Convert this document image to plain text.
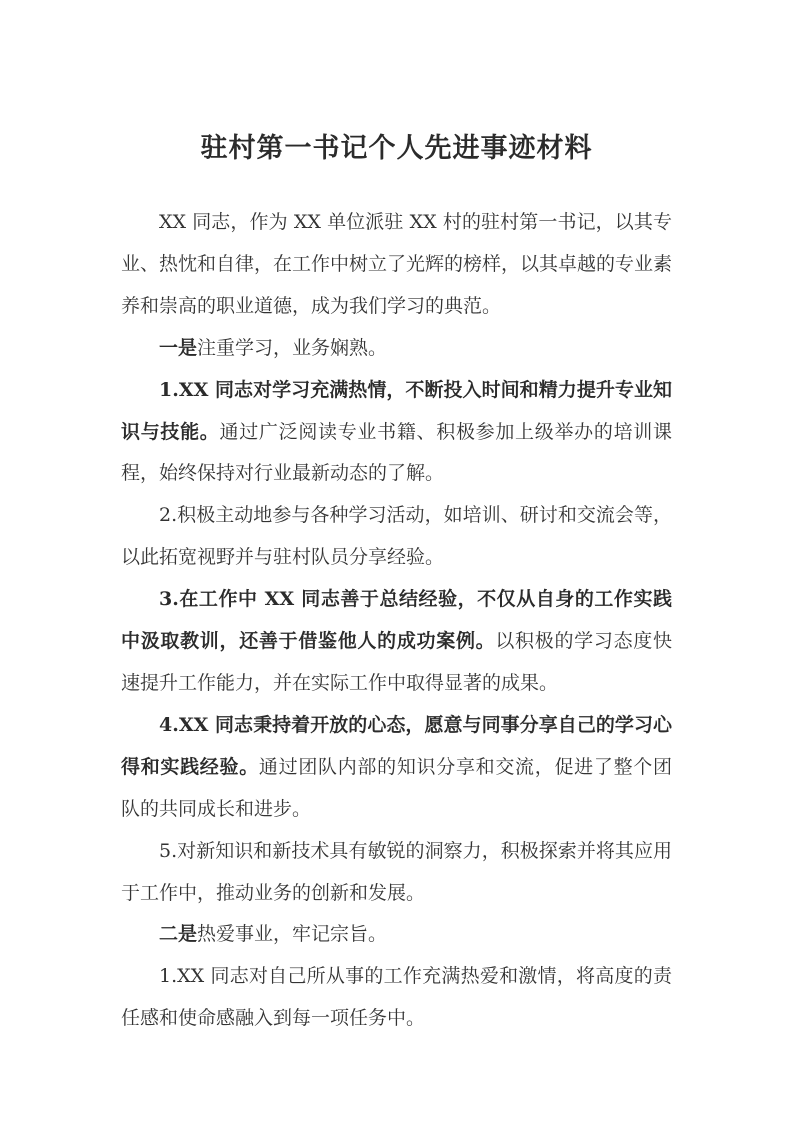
驻村第一书记个人先进事迹材料

XX 同志，作为 XX 单位派驻 XX 村的驻村第一书记，以其专业、热忱和自律，在工作中树立了光辉的榜样，以其卓越的专业素养和崇高的职业道德，成为我们学习的典范。

一是注重学习，业务娴熟。

1.XX 同志对学习充满热情，不断投入时间和精力提升专业知识与技能。通过广泛阅读专业书籍、积极参加上级举办的培训课程，始终保持对行业最新动态的了解。

2.积极主动地参与各种学习活动，如培训、研讨和交流会等，以此拓宽视野并与驻村队员分享经验。

3.在工作中 XX 同志善于总结经验，不仅从自身的工作实践中汲取教训，还善于借鉴他人的成功案例。以积极的学习态度快速提升工作能力，并在实际工作中取得显著的成果。

4.XX 同志秉持着开放的心态，愿意与同事分享自己的学习心得和实践经验。通过团队内部的知识分享和交流，促进了整个团队的共同成长和进步。

5.对新知识和新技术具有敏锐的洞察力，积极探索并将其应用于工作中，推动业务的创新和发展。

二是热爱事业，牢记宗旨。

1.XX 同志对自己所从事的工作充满热爱和激情，将高度的责任感和使命感融入到每一项任务中。
